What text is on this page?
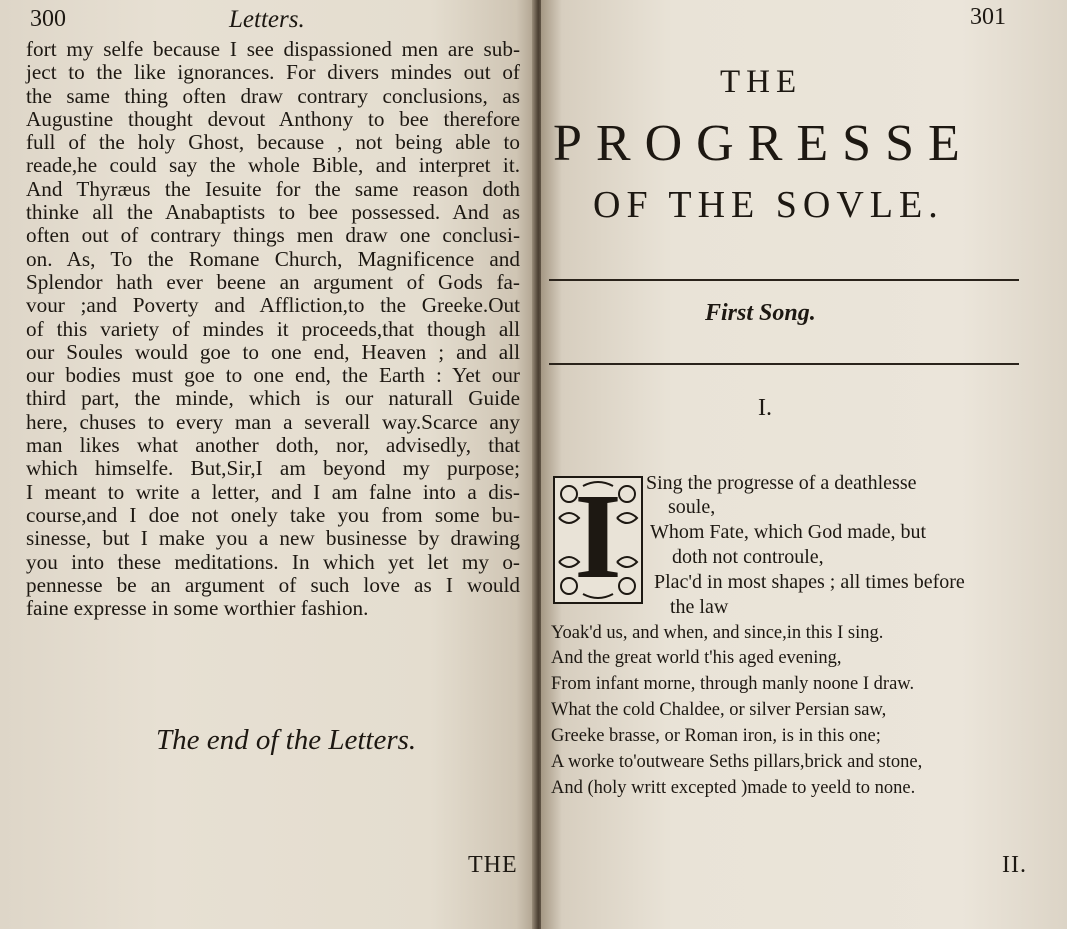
300	Letters.
fort my selfe because I see dispassioned men are sub-
ject to the like ignorances. For divers mindes out of
the same thing often draw contrary conclusions, as
Augustine thought devout Anthony to bee therefore
full of the holy Ghost, because , not being able to
reade,he could say the whole Bible, and interpret it.
And Thyræus the Iesuite for the same reason doth
thinke all the Anabaptists to bee possessed. And as
often out of contrary things men draw one conclusi-
on. As, To the Romane Church, Magnificence and
Splendor hath ever beene an argument of Gods fa-
vour ;and Poverty and Affliction,to the Greeke.Out
of this variety of mindes it proceeds,that though all
our Soules would goe to one end, Heaven ; and all
our bodies must goe to one end, the Earth : Yet our
third part, the minde, which is our naturall Guide
here, chuses to every man a severall way.Scarce any
man likes what another doth, nor, advisedly, that
which himselfe. But,Sir,I am beyond my purpose;
I meant to write a letter, and I am falne into a dis-
course,and I doe not onely take you from some bu-
sinesse, but I make you a new businesse by drawing
you into these meditations. In which yet let my o-
pennesse be an argument of such love as I would
faine expresse in some worthier fashion.
The end of the Letters.
THE
301
THE
PROGRESSE
OF THE SOVLE.
First Song.
I.
I	Sing the progresse of a deathlesse
soule,
Whom Fate, which God made, but
doth not controule,
Plac'd in most shapes ; all times before
the law
Yoak'd us, and when, and since,in this I sing.
And the great world t'his aged evening,
From infant morne, through manly noone I draw.
What the cold Chaldee, or silver Persian saw,
Greeke brasse, or Roman iron, is in this one;
A worke to'outweare Seths pillars,brick and stone,
And (holy writt excepted )made to yeeld to none.
II.
